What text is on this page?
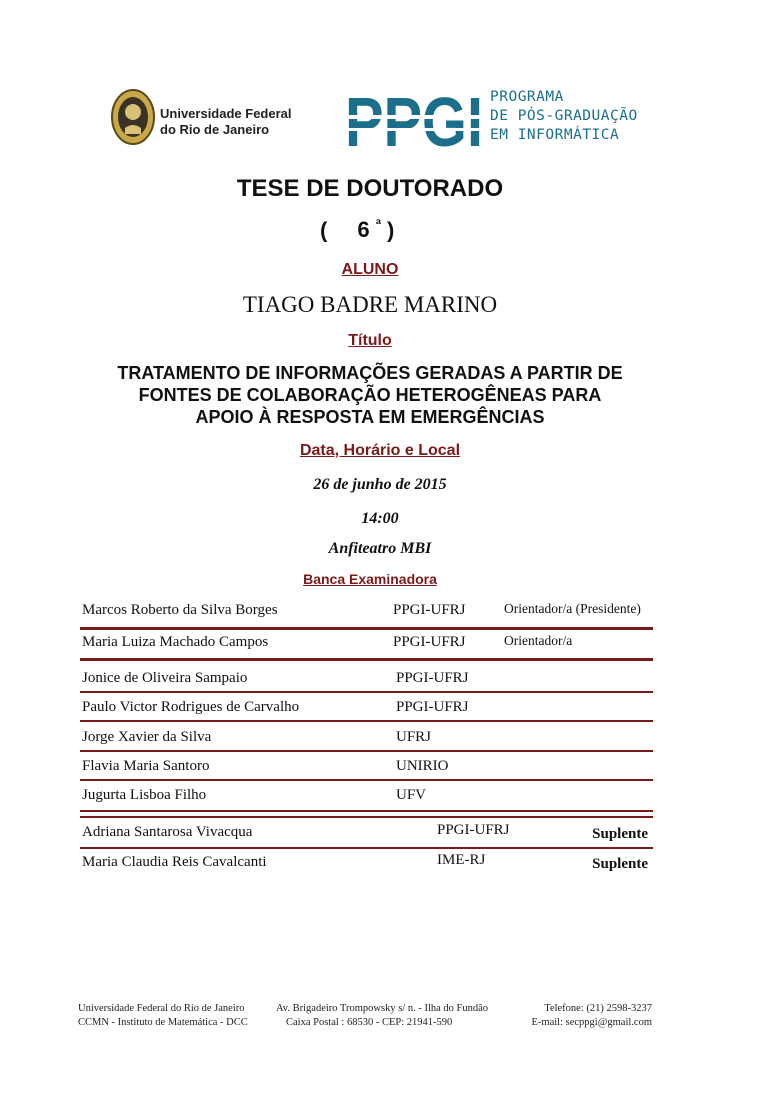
Universidade Federal
do Rio de Janeiro
PROGRAMA
DE PÓS-GRADUAÇÃO
EM INFORMÁTICA
TESE DE DOUTORADO
( 6 $^ª$ )
ALUNO
TIAGO BADRE MARINO
Título
TRATAMENTO DE INFORMAÇÕES GERADAS A PARTIR DE
FONTES DE COLABORAÇÃO HETEROGÊNEAS PARA
APOIO À RESPOSTA EM EMERGÊNCIAS
Data, Horário e Local
26 de junho de 2015
14:00
Anfiteatro MBI
Banca Examinadora
Marcos Roberto da Silva Borges	PPGI-UFRJ	Orientador/a (Presidente)
Maria Luiza Machado Campos	PPGI-UFRJ	Orientador/a
Jonice de Oliveira Sampaio	PPGI-UFRJ
Paulo Victor Rodrigues de Carvalho	PPGI-UFRJ
Jorge Xavier da Silva	UFRJ
Flavia Maria Santoro	UNIRIO
Jugurta Lisboa Filho	UFV
Adriana Santarosa Vivacqua	PPGI-UFRJ	Suplente
Maria Claudia Reis Cavalcanti	IME-RJ	Suplente
Universidade Federal do Rio de Janeiro
CCMN - Instituto de Matemática - DCC
Av. Brigadeiro Trompowsky s/ n. - Ilha do Fundão
Caixa Postal : 68530 - CEP: 21941-590
Telefone: (21) 2598-3237
E-mail: secppgi@gmail.com
